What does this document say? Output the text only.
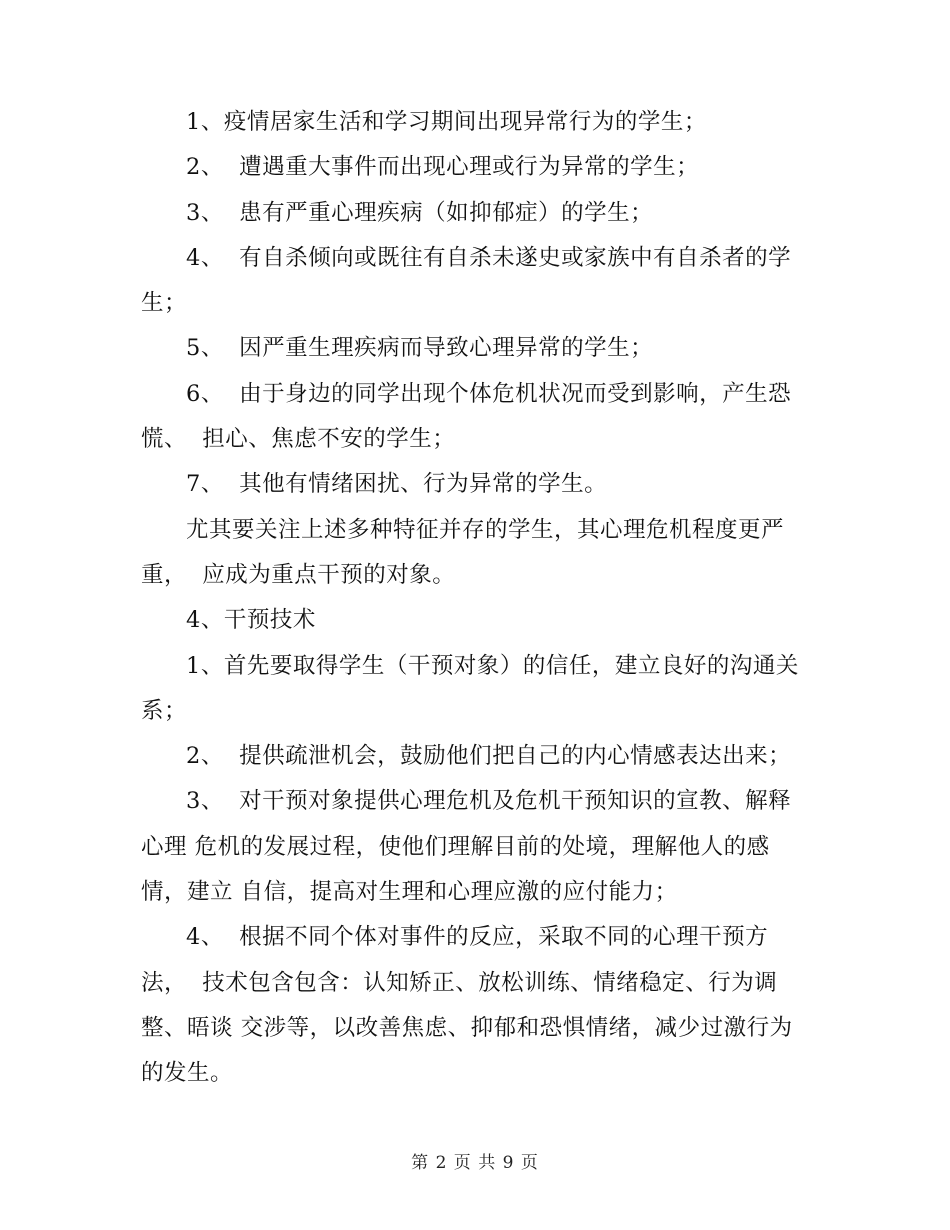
1、疫情居家生活和学习期间出现异常行为的学生；
2、  遭遇重大事件而出现心理或行为异常的学生；
3、  患有严重心理疾病（如抑郁症）的学生；
4、  有自杀倾向或既往有自杀未遂史或家族中有自杀者的学
生；
5、  因严重生理疾病而导致心理异常的学生；
6、  由于身边的同学出现个体危机状况而受到影响，产生恐
慌、  担心、焦虑不安的学生；
7、  其他有情绪困扰、行为异常的学生。
尤其要关注上述多种特征并存的学生，其心理危机程度更严
重，  应成为重点干预的对象。
4、干预技术
1、首先要取得学生（干预对象）的信任，建立良好的沟通关
系；
2、  提供疏泄机会，鼓励他们把自己的内心情感表达出来；
3、  对干预对象提供心理危机及危机干预知识的宣教、解释
心理 危机的发展过程，使他们理解目前的处境，理解他人的感
情，建立 自信，提高对生理和心理应激的应付能力；
4、  根据不同个体对事件的反应，采取不同的心理干预方
法，  技术包含包含：认知矫正、放松训练、情绪稳定、行为调
整、晤谈 交涉等，以改善焦虑、抑郁和恐惧情绪，减少过激行为
的发生。
第 2 页 共 9 页
